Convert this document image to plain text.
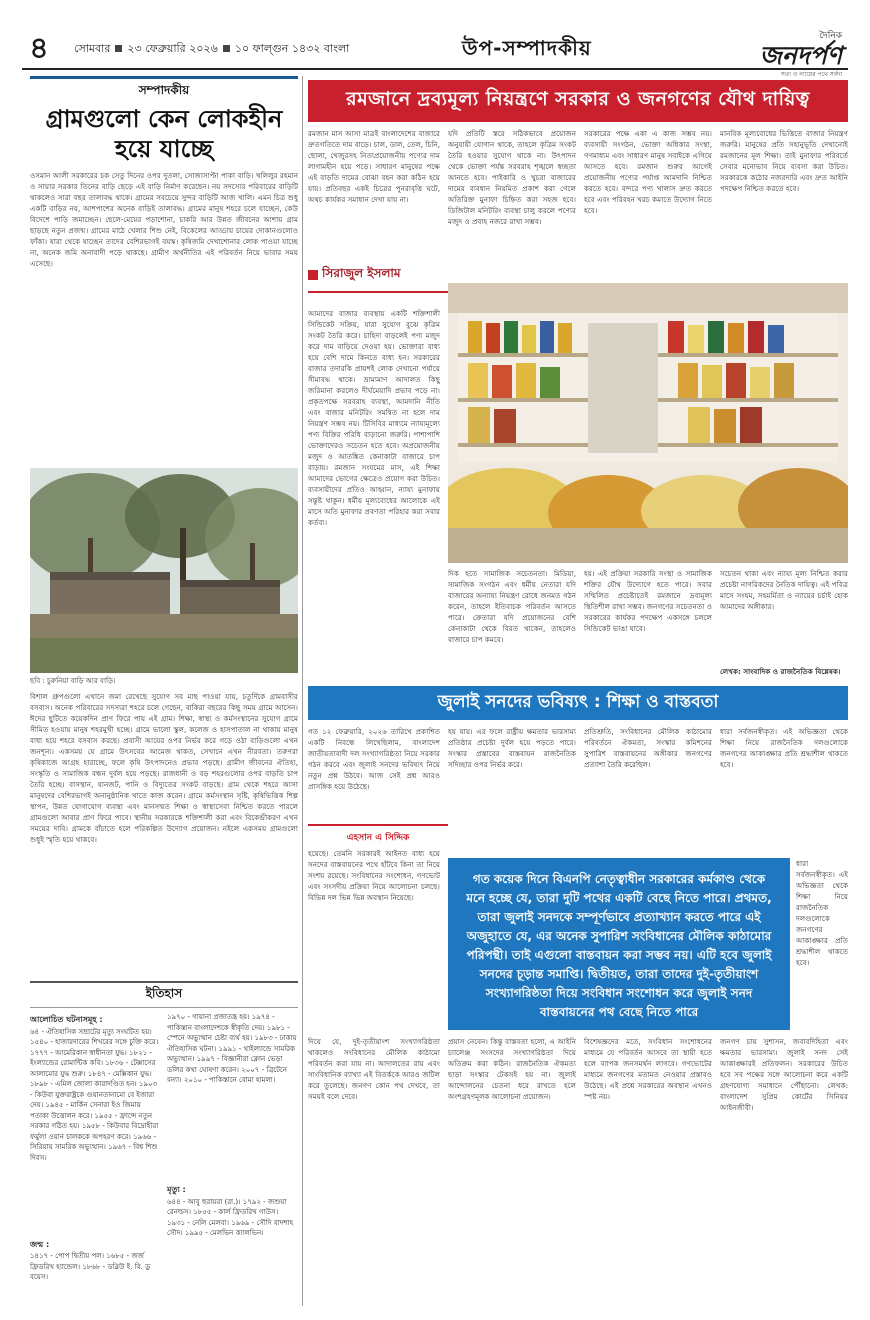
৪	সোমবার ২৩ ফেব্রুয়ারি ২০২৬ ১০ ফাল্গুন ১৪৩২ বাংলা	উপ-সম্পাদকীয়	দৈনিক
জনদর্পণ
সত্য ও ন্যায়ের পথে সর্বদা
সম্পাদকীয়
গ্রামগুলো কেন লোকহীন হয়ে যাচ্ছে
ওসমান আলী সরকারের চক সেতু দিনের ওপর দুতলা, সোজাসাপ্টা পাকা বাড়ি। খলিলুর রহমান ও সায়ার সরকার তিনের বাড়ি ছেড়ে এই বাড়ি নির্মাণ করেছেন। নয় সদস্যের পরিবারের বাড়িটি থাকলেও সারা বছর তালাবদ্ধ থাকে। গ্রামের সবচেয়ে সুন্দর বাড়িটি আজ খালি। এমন চিত্র শুধু একটি বাড়ির নয়, আশপাশের অনেক বাড়িই তালাবদ্ধ। গ্রামের মানুষ শহরে চলে যাচ্ছেন, কেউ বিদেশে পাড়ি জমাচ্ছেন। ছেলে-মেয়ের পড়াশোনা, চাকরি আর উন্নত জীবনের আশায় গ্রাম ছাড়ছে নতুন প্রজন্ম। গ্রামের মাঠে খেলার শিশু নেই, বিকেলের আড্ডায় চায়ের দোকানগুলোও ফাঁকা। যারা থেকে যাচ্ছেন তাদের বেশিরভাগই বয়স্ক। কৃষিজমি দেখাশোনার লোক পাওয়া যাচ্ছে না, অনেক জমি অনাবাদী পড়ে থাকছে। গ্রামীণ অর্থনীতির এই পরিবর্তন নিয়ে ভাবার সময় এসেছে।
ছবি : চুরুনিয়া বাড়ি আর বাড়ি।
বিশাল গ্রুপগুলো এখানে জমা রেখেছে সুযোগ সব মাছ পাওয়া যায়, চতুর্দিকে গ্রামবাসীর বসবাস। অনেক পরিবারের সদস্যরা শহরে চলে গেছেন, বাকিরা বছরের কিছু সময় গ্রামে আসেন। ঈদের ছুটিতে কয়েকদিন প্রাণ ফিরে পায় এই গ্রাম। শিক্ষা, স্বাস্থ্য ও কর্মসংস্থানের সুযোগ গ্রামে সীমিত হওয়ায় মানুষ শহরমুখী হচ্ছে। গ্রামে ভালো স্কুল, কলেজ ও হাসপাতাল না থাকায় মানুষ বাধ্য হয়ে শহরে বসবাস করছে। প্রবাসী আয়ের ওপর নির্ভর করে গড়ে ওঠা বাড়িগুলো এখন জনশূন্য। একসময় যে গ্রামে উৎসবের আমেজ থাকত, সেখানে এখন নীরবতা। তরুণরা কৃষিকাজে আগ্রহ হারাচ্ছে, ফলে কৃষি উৎপাদনেও প্রভাব পড়ছে। গ্রামীণ জীবনের ঐতিহ্য, সংস্কৃতি ও সামাজিক বন্ধন দুর্বল হয়ে পড়ছে। রাজধানী ও বড় শহরগুলোর ওপর বাড়তি চাপ তৈরি হচ্ছে। বাসস্থান, যানজট, পানি ও বিদ্যুতের সংকট বাড়ছে। গ্রাম থেকে শহরে আসা মানুষদের বেশিরভাগই অনানুষ্ঠানিক খাতে কাজ করেন। গ্রামে কর্মসংস্থান সৃষ্টি, কৃষিভিত্তিক শিল্প স্থাপন, উন্নত যোগাযোগ ব্যবস্থা এবং মানসম্মত শিক্ষা ও স্বাস্থ্যসেবা নিশ্চিত করতে পারলে গ্রামগুলো আবার প্রাণ ফিরে পাবে। স্থানীয় সরকারকে শক্তিশালী করা এবং বিকেন্দ্রীকরণ এখন সময়ের দাবি। গ্রামকে বাঁচাতে হলে পরিকল্পিত উদ্যোগ প্রয়োজন। নইলে একসময় গ্রামগুলো শুধুই স্মৃতি হয়ে থাকবে।
ইতিহাস
আলোচিত ঘটনাসমূহ :
৬৪ - ঐতিহাসিক সম্রাটের মৃত্যু সংঘটিত হয়। ১৫৪০ - হাজারদারের শিখরের সঙ্গে চুক্তি করে। ১৭৭৭ - আমেরিকান স্বাধীনতা যুদ্ধ। ১৮২১ - ইংল্যান্ডের রোমান্টিক কবি। ১৮৩৬ - টেক্সাসের আলামোর যুদ্ধ শুরু। ১৮৪৭ - মেক্সিকান যুদ্ধ। ১৮৯৮ - এমিল জোলা কারাদণ্ডিত হন। ১৯০৩ - কিউবা যুক্তরাষ্ট্রকে গুয়ানতানামো বে ইজারা দেয়। ১৯৪৫ - মার্কিন সেনারা ইও জিমায় পতাকা উত্তোলন করে। ১৯৫৫ - ফ্রান্সে নতুন সরকার গঠিত হয়। ১৯৫৮ - কিউবার বিদ্রোহীরা ফর্মুলা ওয়ান চালককে অপহরণ করে। ১৯৬৬ - সিরিয়ায় সামরিক অভ্যুত্থান। ১৯৬৭ - বিশ্ব শিশু দিবস।
জন্ম :
১৪১৭ - পোপ দ্বিতীয় পল। ১৬৮৫ - জর্জ ফ্রিডরিখ হ্যান্ডেল। ১৮৬৮ - ডব্লিউ ই. বি. ডু বয়েস।
১৯৭০ - গায়ানা প্রজাতন্ত্র হয়। ১৯৭৪ - পাকিস্তান বাংলাদেশকে স্বীকৃতি দেয়। ১৯৮১ - স্পেনে অভ্যুত্থান চেষ্টা ব্যর্থ হয়। ১৯৮৩ - ঢাকায় ঐতিহাসিক ঘটনা। ১৯৯১ - থাইল্যান্ডে সামরিক অভ্যুত্থান। ১৯৯৭ - বিজ্ঞানীরা ক্লোন ভেড়া ডলির কথা ঘোষণা করেন। ২০০৭ - ব্রিটেনে বন্যা। ২০১০ - পাকিস্তানে বোমা হামলা।
মৃত্যু :
৬৪৪ - আবু হুরায়রা (রা.)। ১৭৯২ - জশুয়া রেনল্ডস। ১৮৫৫ - কার্ল ফ্রিডরিখ গাউস। ১৯৩১ - নেলি মেলবা। ১৯৬৯ - সৌদি বাদশাহ সৌদ। ১৯৯৫ - মেলভিন ক্যালভিন।
রমজানে দ্রব্যমূল্য নিয়ন্ত্রণে সরকার ও জনগণের যৌথ দায়িত্ব
রমজান মাস আসা মাত্রই বাংলাদেশের বাজারে দ্রুতগতিতে দাম বাড়ে। চাল, ডাল, তেল, চিনি, ছোলা, খেজুরসহ নিত্যপ্রয়োজনীয় পণ্যের দাম লাগামহীন হয়ে পড়ে। সাধারণ মানুষের পক্ষে এই বাড়তি দামের বোঝা বহন করা কঠিন হয়ে যায়। প্রতিবছর একই চিত্রের পুনরাবৃত্তি ঘটে, অথচ কার্যকর সমাধান দেখা যায় না।
সিরাজুল ইসলাম
আমাদের বাজার ব্যবস্থায় একটি শক্তিশালী সিন্ডিকেট সক্রিয়, যারা সুযোগ বুঝে কৃত্রিম সংকট তৈরি করে। চাহিদা বাড়লেই পণ্য মজুদ করে দাম বাড়িয়ে দেওয়া হয়। ভোক্তারা বাধ্য হয়ে বেশি দামে কিনতে বাধ্য হন। সরকারের বাজার তদারকি প্রায়শই লোক দেখানো পর্যায়ে সীমাবদ্ধ থাকে। ভ্রাম্যমাণ আদালত কিছু জরিমানা করলেও দীর্ঘমেয়াদি প্রভাব পড়ে না। প্রকৃতপক্ষে সরবরাহ ব্যবস্থা, আমদানি নীতি এবং বাজার মনিটরিং সমন্বিত না হলে দাম নিয়ন্ত্রণ সম্ভব নয়। টিসিবির মাধ্যমে ন্যায্যমূল্যে পণ্য বিক্রির পরিধি বাড়ানো জরুরি। পাশাপাশি ভোক্তাদেরও সচেতন হতে হবে। অপ্রয়োজনীয় মজুদ ও আতঙ্কিত কেনাকাটা বাজারে চাপ বাড়ায়। রমজান সংযমের মাস, এই শিক্ষা আমাদের ভোগের ক্ষেত্রেও প্রয়োগ করা উচিত। ব্যবসায়ীদের প্রতিও আহ্বান, ন্যায্য মুনাফায় সন্তুষ্ট থাকুন। ধর্মীয় মূল্যবোধের আলোকে এই মাসে অতি মুনাফার প্রবণতা পরিহার করা সবার কর্তব্য।
যদি প্রতিটি স্তরে সঠিকভাবে প্রয়োজন অনুযায়ী যোগান থাকে, তাহলে কৃত্রিম সংকট তৈরি হওয়ার সুযোগ থাকে না। উৎপাদন থেকে ভোক্তা পর্যন্ত সরবরাহ শৃঙ্খলে স্বচ্ছতা আনতে হবে। পাইকারি ও খুচরা বাজারের দামের ব্যবধান নিয়মিত প্রকাশ করা গেলে অতিরিক্ত মুনাফা চিহ্নিত করা সহজ হবে। ডিজিটাল মনিটরিং ব্যবস্থা চালু করলে পণ্যের মজুদ ও প্রবাহ নজরে রাখা সম্ভব।
সরকারের পক্ষে একা এ কাজ সম্ভব নয়। ব্যবসায়ী সংগঠন, ভোক্তা অধিকার সংস্থা, গণমাধ্যম এবং সাধারণ মানুষ সবাইকে এগিয়ে আসতে হবে। রমজান শুরুর আগেই প্রয়োজনীয় পণ্যের পর্যাপ্ত আমদানি নিশ্চিত করতে হবে। বন্দরে পণ্য খালাস দ্রুত করতে হবে এবং পরিবহন খরচ কমাতে উদ্যোগ নিতে হবে।
মানবিক মূল্যবোধের ভিত্তিতে বাজার নিয়ন্ত্রণ জরুরি। মানুষের প্রতি সহানুভূতি দেখানোই রমজানের মূল শিক্ষা। তাই মুনাফার পরিবর্তে সেবার মনোভাব নিয়ে ব্যবসা করা উচিত। সরকারকে কঠোর নজরদারি এবং দ্রুত আইনি পদক্ষেপ নিশ্চিত করতে হবে।
দিক হতে সামাজিক সচেতনতা। মিডিয়া, সামাজিক সংগঠন এবং ধর্মীয় নেতারা যদি বাজারের অন্যায্য নিয়ন্ত্রণ রোধে জনমত গঠন করেন, তাহলে ইতিবাচক পরিবর্তন আসতে পারে। ক্রেতারা যদি প্রয়োজনের বেশি কেনাকাটা থেকে বিরত থাকেন, তাহলেও বাজারে চাপ কমবে।
হয়। এই প্রক্রিয়া সরকারি সংস্থা ও সামাজিক শক্তির যৌথ উদ্যোগে হতে পারে। সবার সম্মিলিত প্রচেষ্টাতেই রমজানে দ্রব্যমূল্য স্থিতিশীল রাখা সম্ভব। জনগণের সচেতনতা ও সরকারের কার্যকর পদক্ষেপ একসঙ্গে চললে সিন্ডিকেট ভাঙা যাবে।
সচেতন থাকা এবং ন্যায্য মূল্য নিশ্চিত করার প্রচেষ্টা নাগরিকদের নৈতিক দায়িত্ব। এই পবিত্র মাসে সংযম, সহমর্মিতা ও ন্যায়ের চর্চাই হোক আমাদের অঙ্গীকার।
লেখক: সাংবাদিক ও রাজনৈতিক বিশ্লেষক।
জুলাই সনদের ভবিষ্যৎ : শিক্ষা ও বাস্তবতা
গত ১২ ফেব্রুয়ারি, ২০২৬ তারিখে প্রকাশিত একটি নিবন্ধে লিখেছিলাম, বাংলাদেশ জাতীয়তাবাদী দল সংখ্যাগরিষ্ঠতা নিয়ে সরকার গঠন করবে এবং জুলাই সনদের ভবিষ্যৎ নিয়ে নতুন প্রশ্ন উঠবে। আজ সেই প্রশ্ন আরও প্রাসঙ্গিক হয়ে উঠেছে।
হয় যায়। এর ফলে রাষ্ট্রীয় ক্ষমতার ভারসাম্য প্রতিষ্ঠার প্রচেষ্টা দুর্বল হয়ে পড়তে পারে। সংস্কার প্রস্তাবের বাস্তবায়ন রাজনৈতিক সদিচ্ছার ওপর নির্ভর করে।
প্রতিশ্রুতি, সংবিধানের মৌলিক কাঠামোর পরিবর্তনে ঐকমত্য, সংস্কার কমিশনের সুপারিশ বাস্তবায়নের অঙ্গীকার জনগণের প্রত্যাশা তৈরি করেছিল।
ধারা সর্বজনস্বীকৃত। এই অভিজ্ঞতা থেকে শিক্ষা নিয়ে রাজনৈতিক দলগুলোকে জনগণের আকাঙ্ক্ষার প্রতি শ্রদ্ধাশীল থাকতে হবে।
এহসান এ সিদ্দিক
হয়েছে। তেমনি সরকারই আইনত বাধ্য হয়ে সনদের বাস্তবায়নের পথে হাঁটবে কিনা তা নিয়ে সংশয় রয়েছে। সংবিধানের সংশোধন, গণভোট এবং সংসদীয় প্রক্রিয়া নিয়ে আলোচনা চলছে। বিভিন্ন দল ভিন্ন ভিন্ন অবস্থান নিয়েছে।
গত কয়েক দিনে বিএনপি নেতৃত্বাধীন সরকারের কর্মকাণ্ড থেকে মনে হচ্ছে যে, তারা দুটি পথের একটি বেছে নিতে পারে। প্রথমত, তারা জুলাই সনদকে সম্পূর্ণভাবে প্রত্যাখ্যান করতে পারে এই অজুহাতে যে, এর অনেক সুপারিশ সংবিধানের মৌলিক কাঠামোর পরিপন্থী। তাই এগুলো বাস্তবায়ন করা সম্ভব নয়। এটি হবে জুলাই সনদের চূড়ান্ত সমাপ্তি। দ্বিতীয়ত, তারা তাদের দুই-তৃতীয়াংশ সংখ্যাগরিষ্ঠতা দিয়ে সংবিধান সংশোধন করে জুলাই সনদ বাস্তবায়নের পথ বেছে নিতে পারে
ধারা সর্বজনস্বীকৃত। এই অভিজ্ঞতা থেকে শিক্ষা নিয়ে রাজনৈতিক দলগুলোকে জনগণের আকাঙ্ক্ষার প্রতি শ্রদ্ধাশীল থাকতে হবে।
দিয়ে যে, দুই-তৃতীয়াংশ সংখ্যাগরিষ্ঠতা থাকলেও সংবিধানের মৌলিক কাঠামো পরিবর্তন করা যায় না। আদালতের রায় এবং সাংবিধানিক ব্যাখ্যা এই বিতর্ককে আরও জটিল করে তুলেছে। জনগণ কোন পথ দেখবে, তা সময়ই বলে দেবে।
প্রয়াস নেবেন। কিন্তু বাস্তবতা হলো, এ আইনি চ্যালেঞ্জ সংসদের সংখ্যাগরিষ্ঠতা দিয়ে অতিক্রম করা কঠিন। রাজনৈতিক ঐকমত্য ছাড়া সংস্কার টেকসই হয় না। জুলাই আন্দোলনের চেতনা ধরে রাখতে হলে অংশগ্রহণমূলক আলোচনা প্রয়োজন।
বিশেষজ্ঞদের মতে, সংবিধান সংশোধনের মাধ্যমে যে পরিবর্তন আসবে তা স্থায়ী হতে হলে ব্যাপক জনসমর্থন লাগবে। গণভোটের মাধ্যমে জনগণের মতামত নেওয়ার প্রস্তাবও উঠেছে। এই প্রশ্নে সরকারের অবস্থান এখনও স্পষ্ট নয়।
জনগণ চায় সুশাসন, জবাবদিহিতা এবং ক্ষমতার ভারসাম্য। জুলাই সনদ সেই আকাঙ্ক্ষারই প্রতিফলন। সরকারের উচিত হবে সব পক্ষের সঙ্গে আলোচনা করে একটি গ্রহণযোগ্য সমাধানে পৌঁছানো। লেখক: বাংলাদেশ সুপ্রিম কোর্টের সিনিয়র আইনজীবী।
